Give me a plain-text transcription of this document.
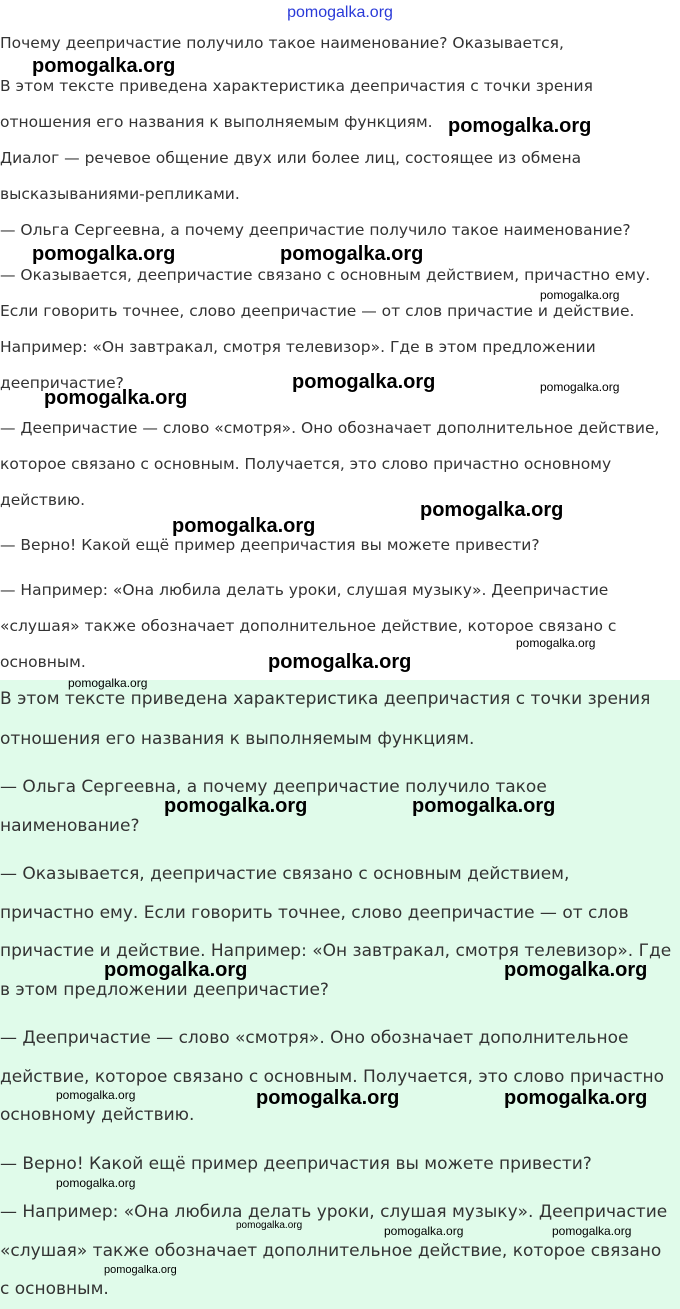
pomogalka.org
Почему деепричастие получило такое наименование? Оказывается,
В этом тексте приведена характеристика деепричастия с точки зрения
отношения его названия к выполняемым функциям.
Диалог — речевое общение двух или более лиц, состоящее из обмена
высказываниями-репликами.
— Ольга Сергеевна, а почему деепричастие получило такое наименование?
— Оказывается, деепричастие связано с основным действием, причастно ему.
Если говорить точнее, слово деепричастие — от слов причастие и действие.
Например: «Он завтракал, смотря телевизор». Где в этом предложении
деепричастие?
— Деепричастие — слово «смотря». Оно обозначает дополнительное действие,
которое связано с основным. Получается, это слово причастно основному
действию.
— Верно! Какой ещё пример деепричастия вы можете привести?
— Например: «Она любила делать уроки, слушая музыку». Деепричастие
«слушая» также обозначает дополнительное действие, которое связано с
основным.
В этом тексте приведена характеристика деепричастия с точки зрения
отношения его названия к выполняемым функциям.
— Ольга Сергеевна, а почему деепричастие получило такое
наименование?
— Оказывается, деепричастие связано с основным действием,
причастно ему. Если говорить точнее, слово деепричастие — от слов
причастие и действие. Например: «Он завтракал, смотря телевизор». Где
в этом предложении деепричастие?
— Деепричастие — слово «смотря». Оно обозначает дополнительное
действие, которое связано с основным. Получается, это слово причастно
основному действию.
— Верно! Какой ещё пример деепричастия вы можете привести?
— Например: «Она любила делать уроки, слушая музыку». Деепричастие
«слушая» также обозначает дополнительное действие, которое связано
с основным.
pomogalka.org
pomogalka.org
pomogalka.org	pomogalka.org
pomogalka.org
pomogalka.org	pomogalka.org
pomogalka.org
pomogalka.org
pomogalka.org
pomogalka.org
pomogalka.org
pomogalka.org
pomogalka.org	pomogalka.org
pomogalka.org	pomogalka.org
pomogalka.org	pomogalka.org	pomogalka.org
pomogalka.org
pomogalka.org	pomogalka.org	pomogalka.org
pomogalka.org
